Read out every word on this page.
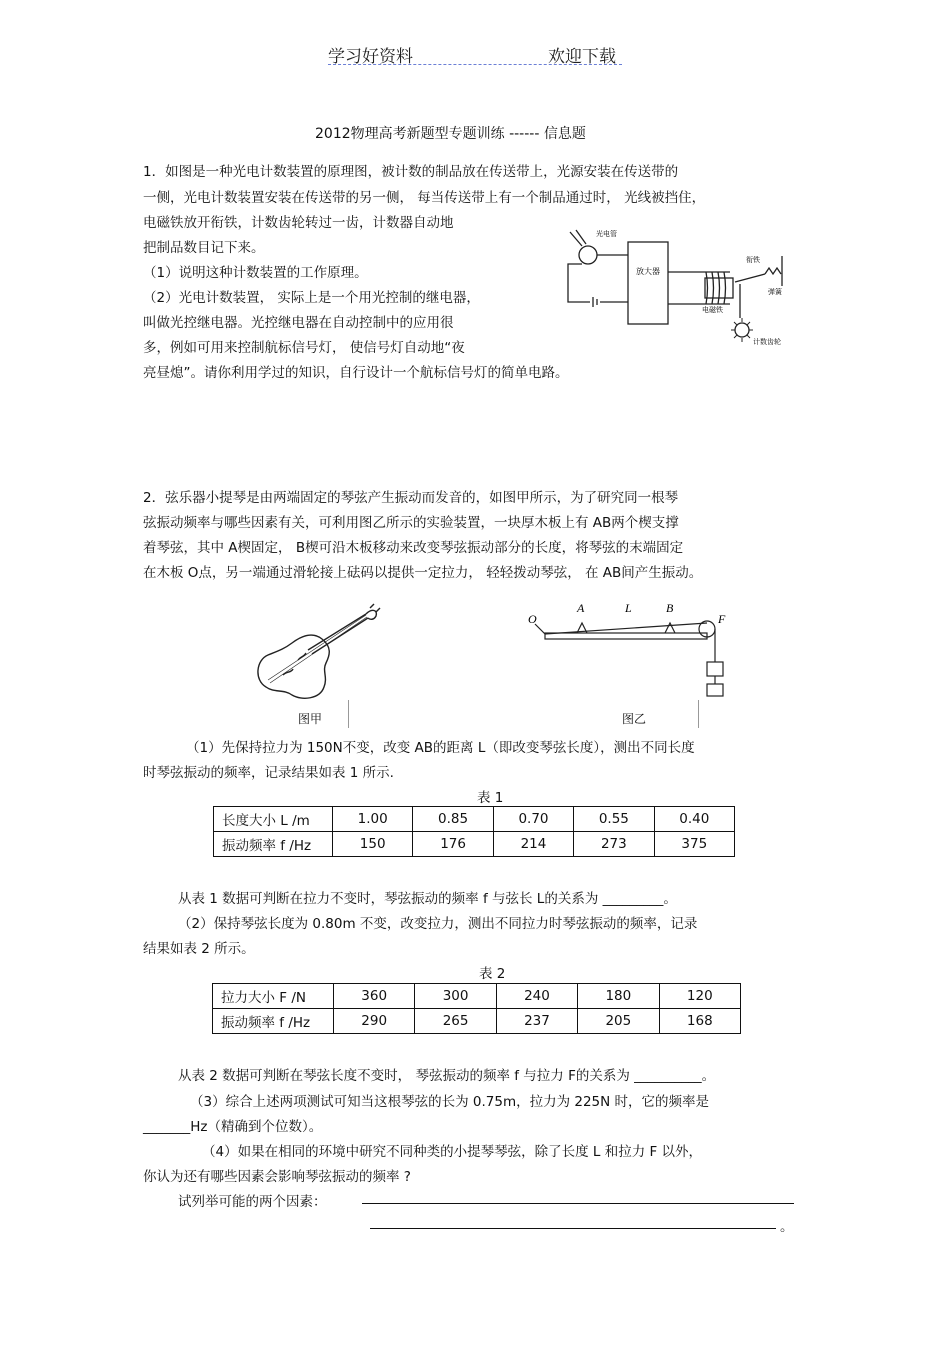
学习好资料	欢迎下载
2012物理高考新题型专题训练 ------ 信息题
1．如图是一种光电计数装置的原理图，被计数的制品放在传送带上，光源安装在传送带的
一侧，光电计数装置安装在传送带的另一侧， 每当传送带上有一个制品通过时， 光线被挡住，
电磁铁放开衔铁，计数齿轮转过一齿，计数器自动地
把制品数目记下来。
（1）说明这种计数装置的工作原理。
（2）光电计数装置， 实际上是一个用光控制的继电器，
叫做光控继电器。光控继电器在自动控制中的应用很
多，例如可用来控制航标信号灯， 使信号灯自动地“夜
亮昼熄”。请你利用学过的知识，自行设计一个航标信号灯的简单电路。
光电管
放大器
衔铁
弹簧
电磁铁
计数齿轮
2．弦乐器小提琴是由两端固定的琴弦产生振动而发音的，如图甲所示，为了研究同一根琴
弦振动频率与哪些因素有关，可利用图乙所示的实验装置，一块厚木板上有 AB两个楔支撑
着琴弦，其中 A楔固定， B楔可沿木板移动来改变琴弦振动部分的长度，将琴弦的末端固定
在木板 O点，另一端通过滑轮接上砝码以提供一定拉力， 轻轻拨动琴弦， 在 AB间产生振动。
图甲
O
A	L	B
F
图乙
（1）先保持拉力为 150N不变，改变 AB的距离 L（即改变琴弦长度），测出不同长度
时琴弦振动的频率，记录结果如表 1 所示.
表 1
长度大小 L /m	1.00	0.85	0.70	0.55	0.40
振动频率 f /Hz	150	176	214	273	375
从表 1 数据可判断在拉力不变时，琴弦振动的频率 f 与弦长 L的关系为 _________。
（2）保持琴弦长度为 0.80m 不变，改变拉力，测出不同拉力时琴弦振动的频率，记录
结果如表 2 所示。
表 2
拉力大小 F /N	360	300	240	180	120
振动频率 f /Hz	290	265	237	205	168
从表 2 数据可判断在琴弦长度不变时， 琴弦振动的频率 f 与拉力 F的关系为 __________。
（3）综合上述两项测试可知当这根琴弦的长为 0.75m，拉力为 225N 时，它的频率是
_______Hz（精确到个位数）。
（4）如果在相同的环境中研究不同种类的小提琴琴弦，除了长度 L 和拉力 F 以外，
你认为还有哪些因素会影响琴弦振动的频率 ?
试列举可能的两个因素：
。
